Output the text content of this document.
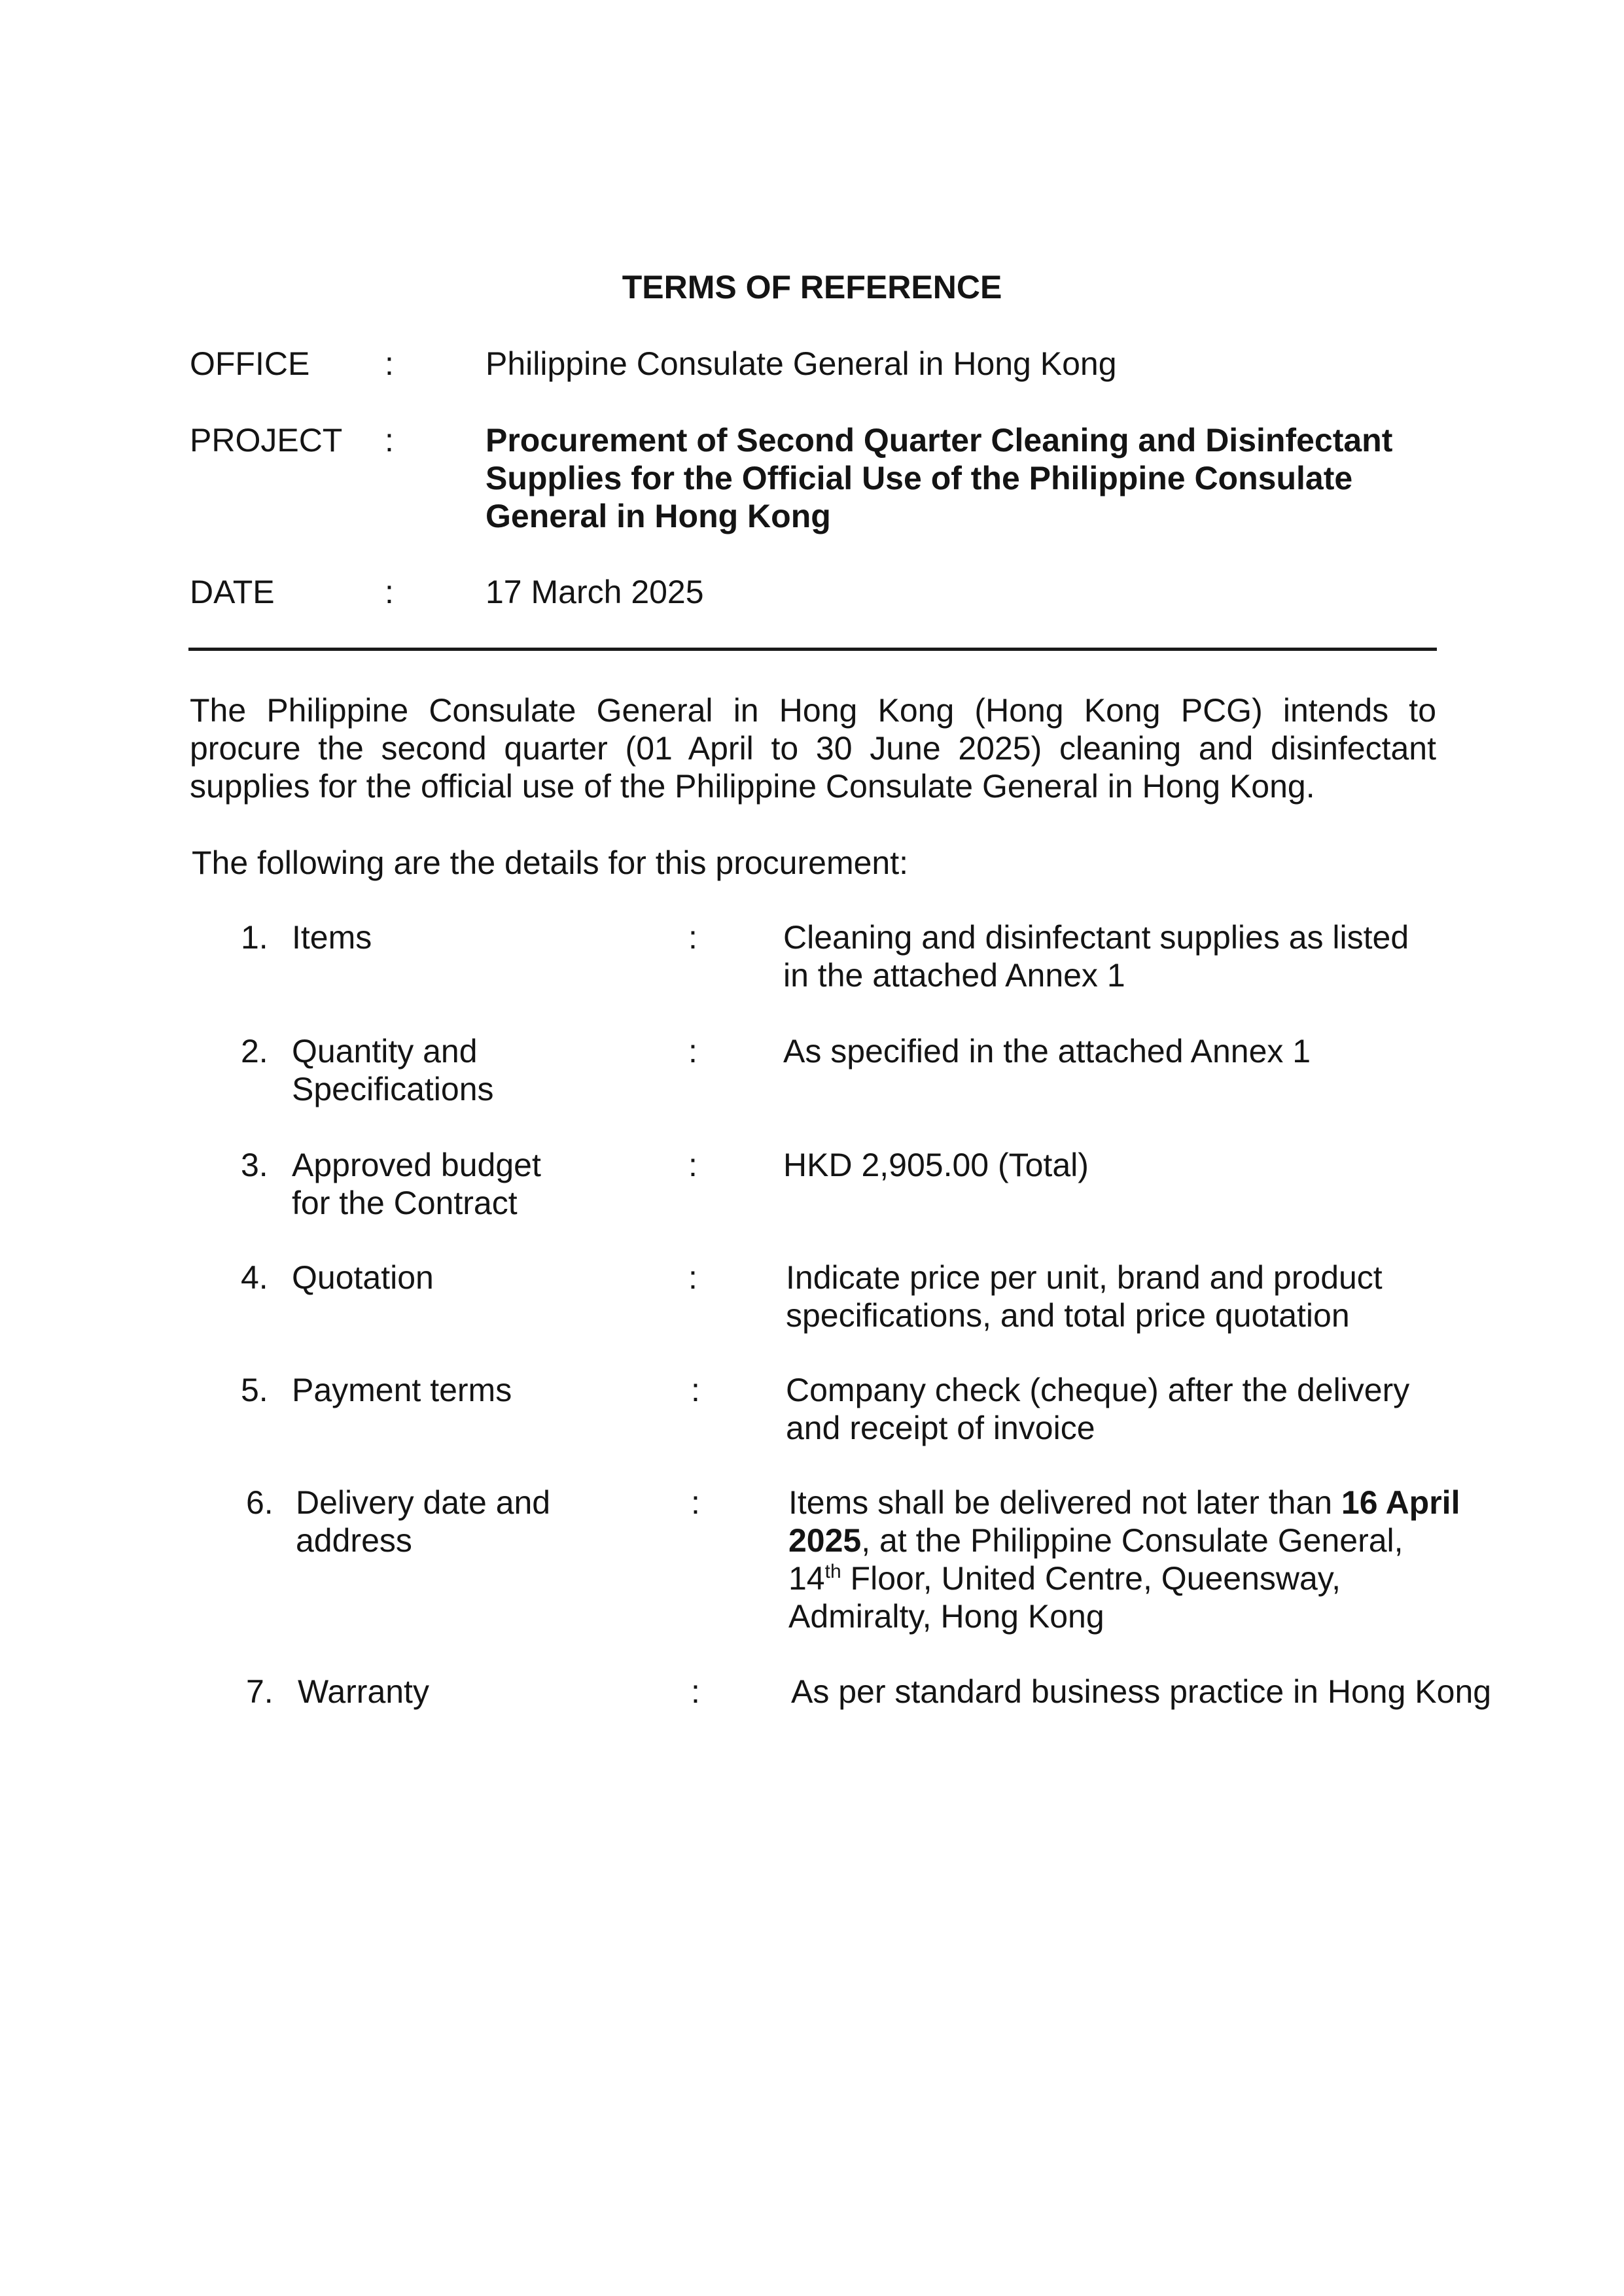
TERMS OF REFERENCE
OFFICE :	Philippine Consulate General in Hong Kong
PROJECT :	Procurement of Second Quarter Cleaning and Disinfectant
Supplies for the Official Use of the Philippine Consulate
General in Hong Kong
DATE	:	17 March 2025
The Philippine Consulate General in Hong Kong (Hong Kong PCG) intends to
procure the second quarter (01 April to 30 June 2025) cleaning and disinfectant
supplies for the official use of the Philippine Consulate General in Hong Kong.
The following are the details for this procurement:
1. Items	:	Cleaning and disinfectant supplies as listed
in the attached Annex 1
2. Quantity and
Specifications
:	As specified in the attached Annex 1
3. Approved budget
for the Contract
:	HKD 2,905.00 (Total)
4. Quotation	:	Indicate price per unit, brand and product
specifications, and total price quotation
5. Payment terms	:	Company check (cheque) after the delivery
and receipt of invoice
6. Delivery date and
address
:	Items shall be delivered not later than 16 April
2025, at the Philippine Consulate General,
14th Floor, United Centre, Queensway,
Admiralty, Hong Kong
7. Warranty	:	As per standard business practice in Hong Kong
